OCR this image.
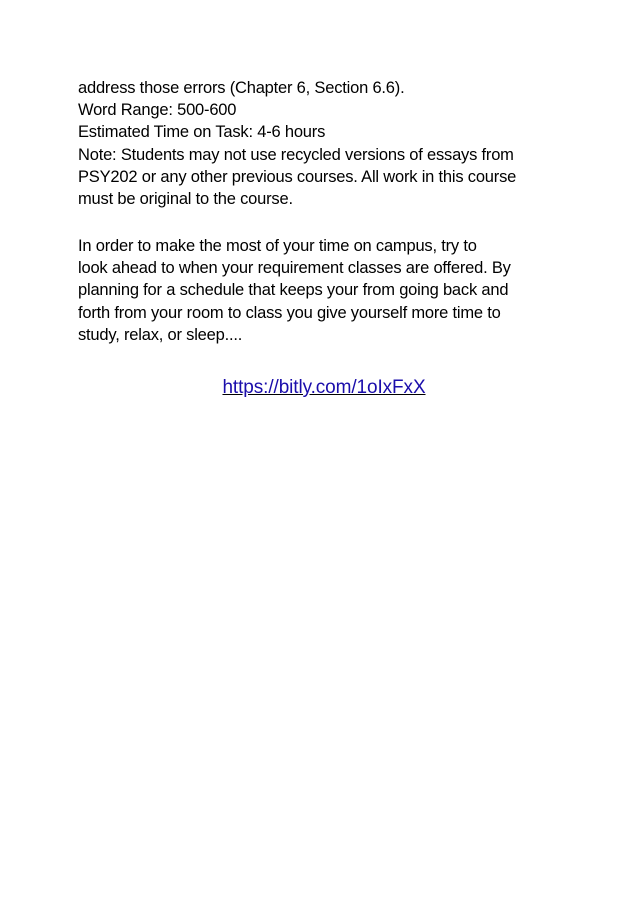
address those errors (Chapter 6, Section 6.6).
Word Range: 500-600
Estimated Time on Task: 4-6 hours
Note: Students may not use recycled versions of essays from
PSY202 or any other previous courses. All work in this course
must be original to the course.
In order to make the most of your time on campus, try to
look ahead to when your requirement classes are offered. By
planning for a schedule that keeps your from going back and
forth from your room to class you give yourself more time to
study, relax, or sleep....
https://bitly.com/1oIxFxX
